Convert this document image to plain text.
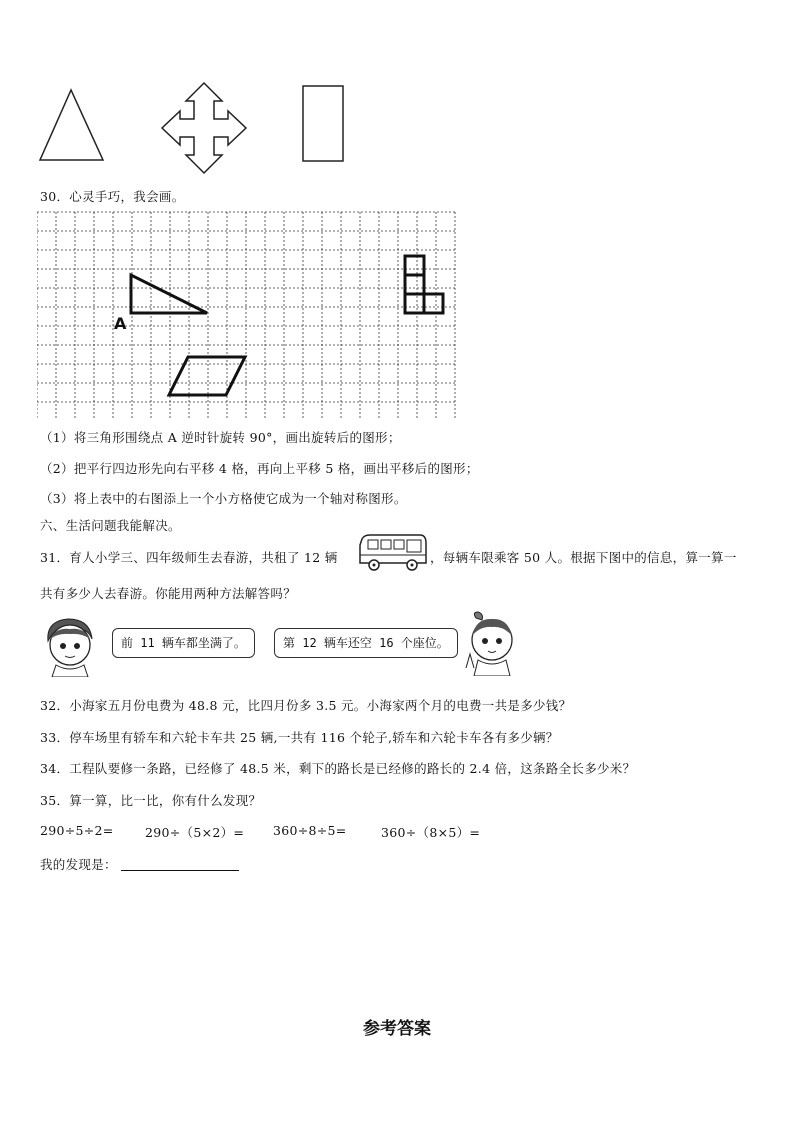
30．心灵手巧，我会画。
A
（1）将三角形围绕点 A 逆时针旋转 90°，画出旋转后的图形；
（2）把平行四边形先向右平移 4 格，再向上平移 5 格，画出平移后的图形；
（3）将上表中的右图添上一个小方格使它成为一个轴对称图形。
六、生活问题我能解决。
31．育人小学三、四年级师生去春游，共租了 12 辆	，每辆车限乘客 50 人。根据下图中的信息，算一算一
共有多少人去春游。你能用两种方法解答吗？
前 11 辆车都坐满了。	第 12 辆车还空 16 个座位。
32．小海家五月份电费为 48.8 元，比四月份多 3.5 元。小海家两个月的电费一共是多少钱？
33．停车场里有轿车和六轮卡车共 25 辆,一共有 116 个轮子,轿车和六轮卡车各有多少辆？
34．工程队要修一条路，已经修了 48.5 米，剩下的路长是已经修的路长的 2.4 倍，这条路全长多少米？
35．算一算，比一比，你有什么发现？
290÷5÷2=	290÷（5×2）= 360÷8÷5=	360÷（8×5）=
我的发现是：
参考答案
